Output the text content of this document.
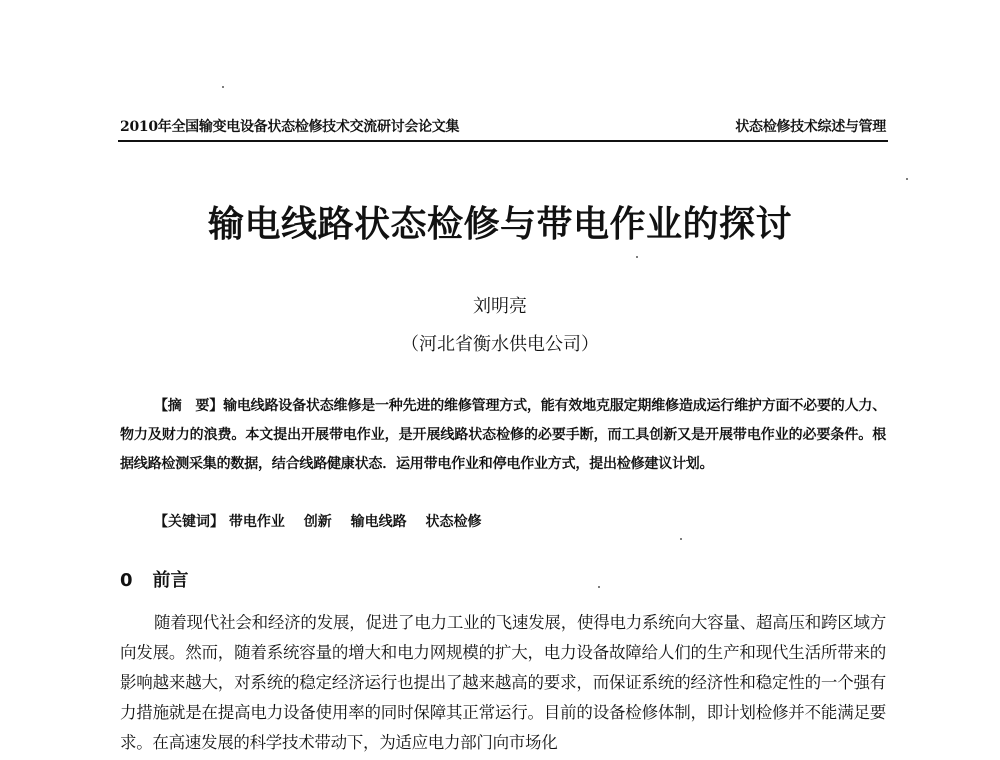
2010年全国输变电设备状态检修技术交流研讨会论文集	状态检修技术综述与管理
输电线路状态检修与带电作业的探讨
刘明亮
（河北省衡水供电公司）
【摘　要】输电线路设备状态维修是一种先进的维修管理方式，能有效地克服定期维修造成运行维护方面不必要的人力、物力及财力的浪费。本文提出开展带电作业，是开展线路状态检修的必要手断，而工具创新又是开展带电作业的必要条件。根据线路检测采集的数据，结合线路健康状态．运用带电作业和停电作业方式，提出检修建议计划。
【关键词】 带电作业 创新 输电线路 状态检修
0 前言
随着现代社会和经济的发展，促进了电力工业的飞速发展，使得电力系统向大容量、超高压和跨区域方向发展。然而，随着系统容量的增大和电力网规模的扩大，电力设备故障给人们的生产和现代生活所带来的影响越来越大，对系统的稳定经济运行也提出了越来越高的要求，而保证系统的经济性和稳定性的一个强有力措施就是在提高电力设备使用率的同时保障其正常运行。目前的设备检修体制，即计划检修并不能满足要求。在高速发展的科学技术带动下，为适应电力部门向市场化
